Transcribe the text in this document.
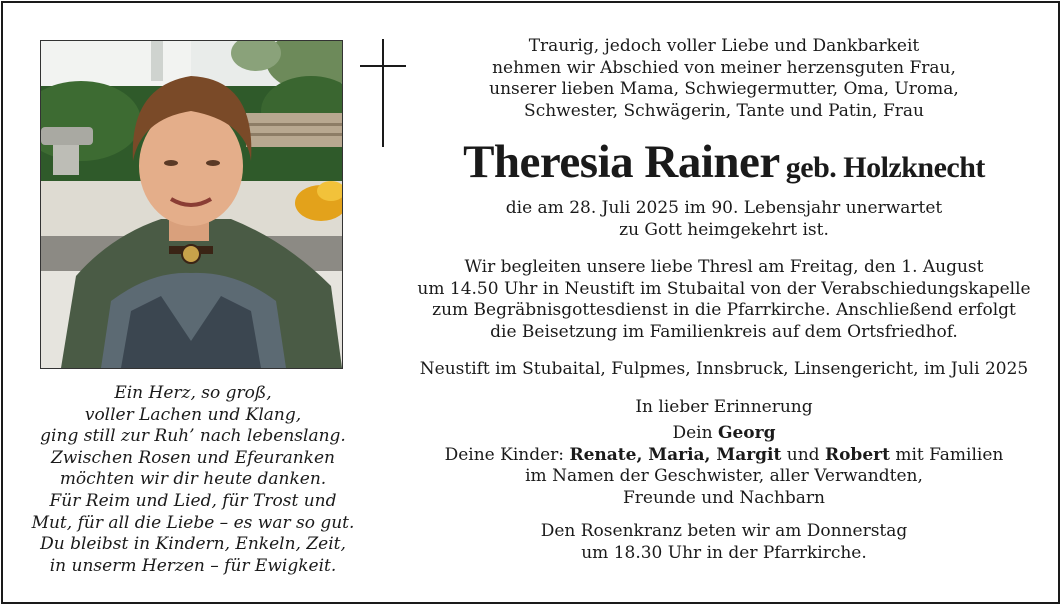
Ein Herz, so groß,
voller Lachen und Klang,
ging still zur Ruh’ nach lebenslang.
Zwischen Rosen und Efeuranken
möchten wir dir heute danken.
Für Reim und Lied, für Trost und
Mut, für all die Liebe – es war so gut.
Du bleibst in Kindern, Enkeln, Zeit,
in unserm Herzen – für Ewigkeit.
Traurig, jedoch voller Liebe und Dankbarkeit
nehmen wir Abschied von meiner herzensguten Frau,
unserer lieben Mama, Schwiegermutter, Oma, Uroma,
Schwester, Schwägerin, Tante und Patin, Frau
Theresia Rainer geb. Holzknecht
die am 28. Juli 2025 im 90. Lebensjahr unerwartet
zu Gott heimgekehrt ist.
Wir begleiten unsere liebe Thresl am Freitag, den 1. August
um 14.50 Uhr in Neustift im Stubaital von der Verabschiedungskapelle
zum Begräbnisgottesdienst in die Pfarrkirche. Anschließend erfolgt
die Beisetzung im Familienkreis auf dem Ortsfriedhof.
Neustift im Stubaital, Fulpmes, Innsbruck, Linsengericht, im Juli 2025
In lieber Erinnerung
Dein Georg
Deine Kinder: Renate, Maria, Margit und Robert mit Familien
im Namen der Geschwister, aller Verwandten,
Freunde und Nachbarn
Den Rosenkranz beten wir am Donnerstag
um 18.30 Uhr in der Pfarrkirche.
